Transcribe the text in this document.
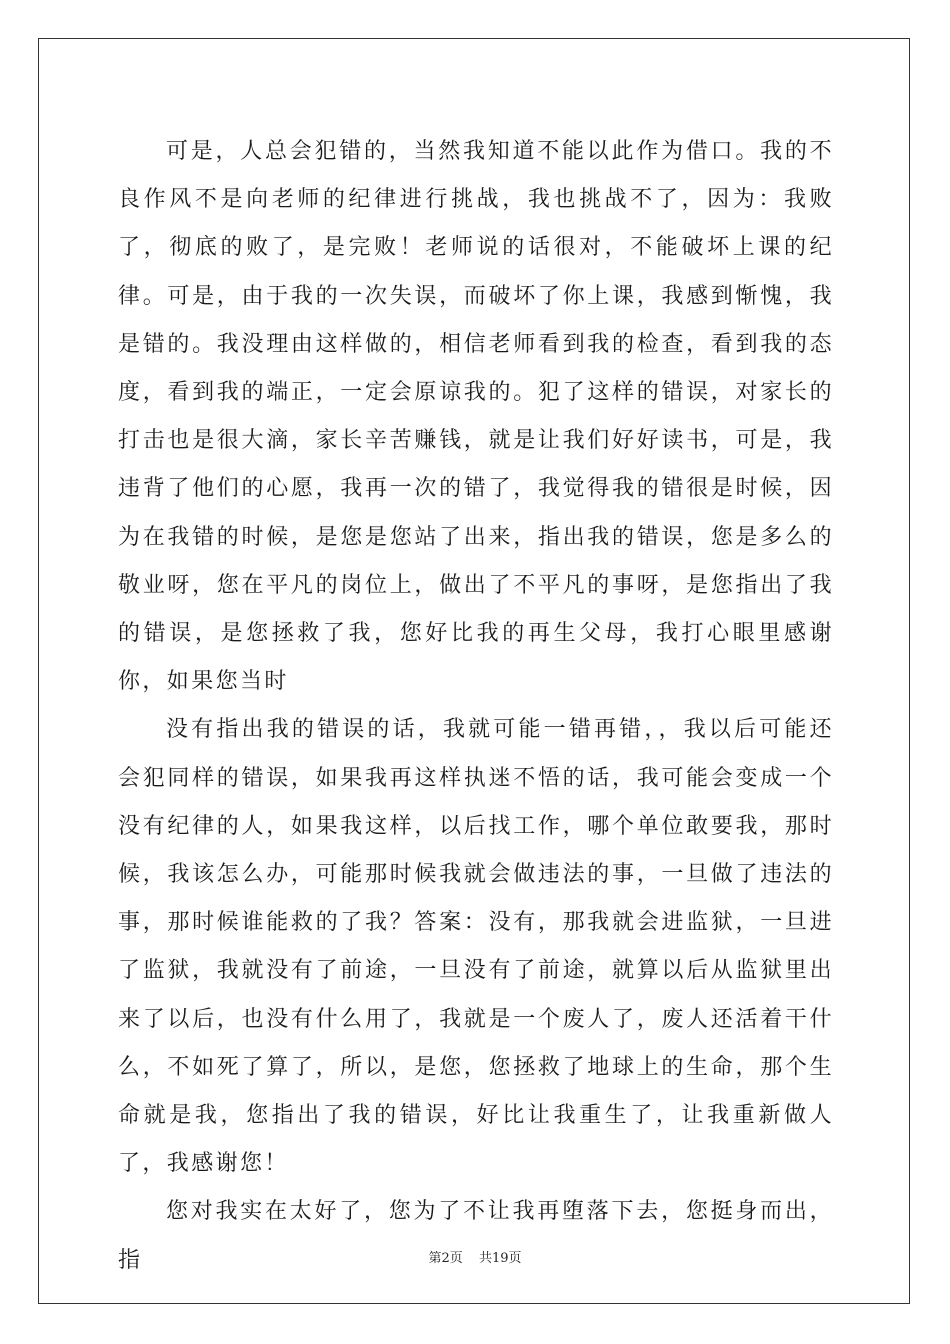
可是，人总会犯错的，当然我知道不能以此作为借口。我的不良作风不是向老师的纪律进行挑战，我也挑战不了，因为：我败了，彻底的败了，是完败！老师说的话很对，不能破坏上课的纪律。可是，由于我的一次失误，而破坏了你上课，我感到惭愧，我是错的。我没理由这样做的，相信老师看到我的检查，看到我的态度，看到我的端正，一定会原谅我的。犯了这样的错误，对家长的打击也是很大滴，家长辛苦赚钱，就是让我们好好读书，可是，我违背了他们的心愿，我再一次的错了，我觉得我的错很是时候，因为在我错的时候，是您是您站了出来，指出我的错误，您是多么的敬业呀，您在平凡的岗位上，做出了不平凡的事呀，是您指出了我的错误，是您拯救了我，您好比我的再生父母，我打心眼里感谢你，如果您当时

没有指出我的错误的话，我就可能一错再错，，我以后可能还会犯同样的错误，如果我再这样执迷不悟的话，我可能会变成一个没有纪律的人，如果我这样，以后找工作，哪个单位敢要我，那时候，我该怎么办，可能那时候我就会做违法的事，一旦做了违法的事，那时候谁能救的了我？答案：没有，那我就会进监狱，一旦进了监狱，我就没有了前途，一旦没有了前途，就算以后从监狱里出来了以后，也没有什么用了，我就是一个废人了，废人还活着干什么，不如死了算了，所以，是您，您拯救了地球上的生命，那个生命就是我，您指出了我的错误，好比让我重生了，让我重新做人了，我感谢您！

您对我实在太好了，您为了不让我再堕落下去，您挺身而出，指	第2页 共19页
